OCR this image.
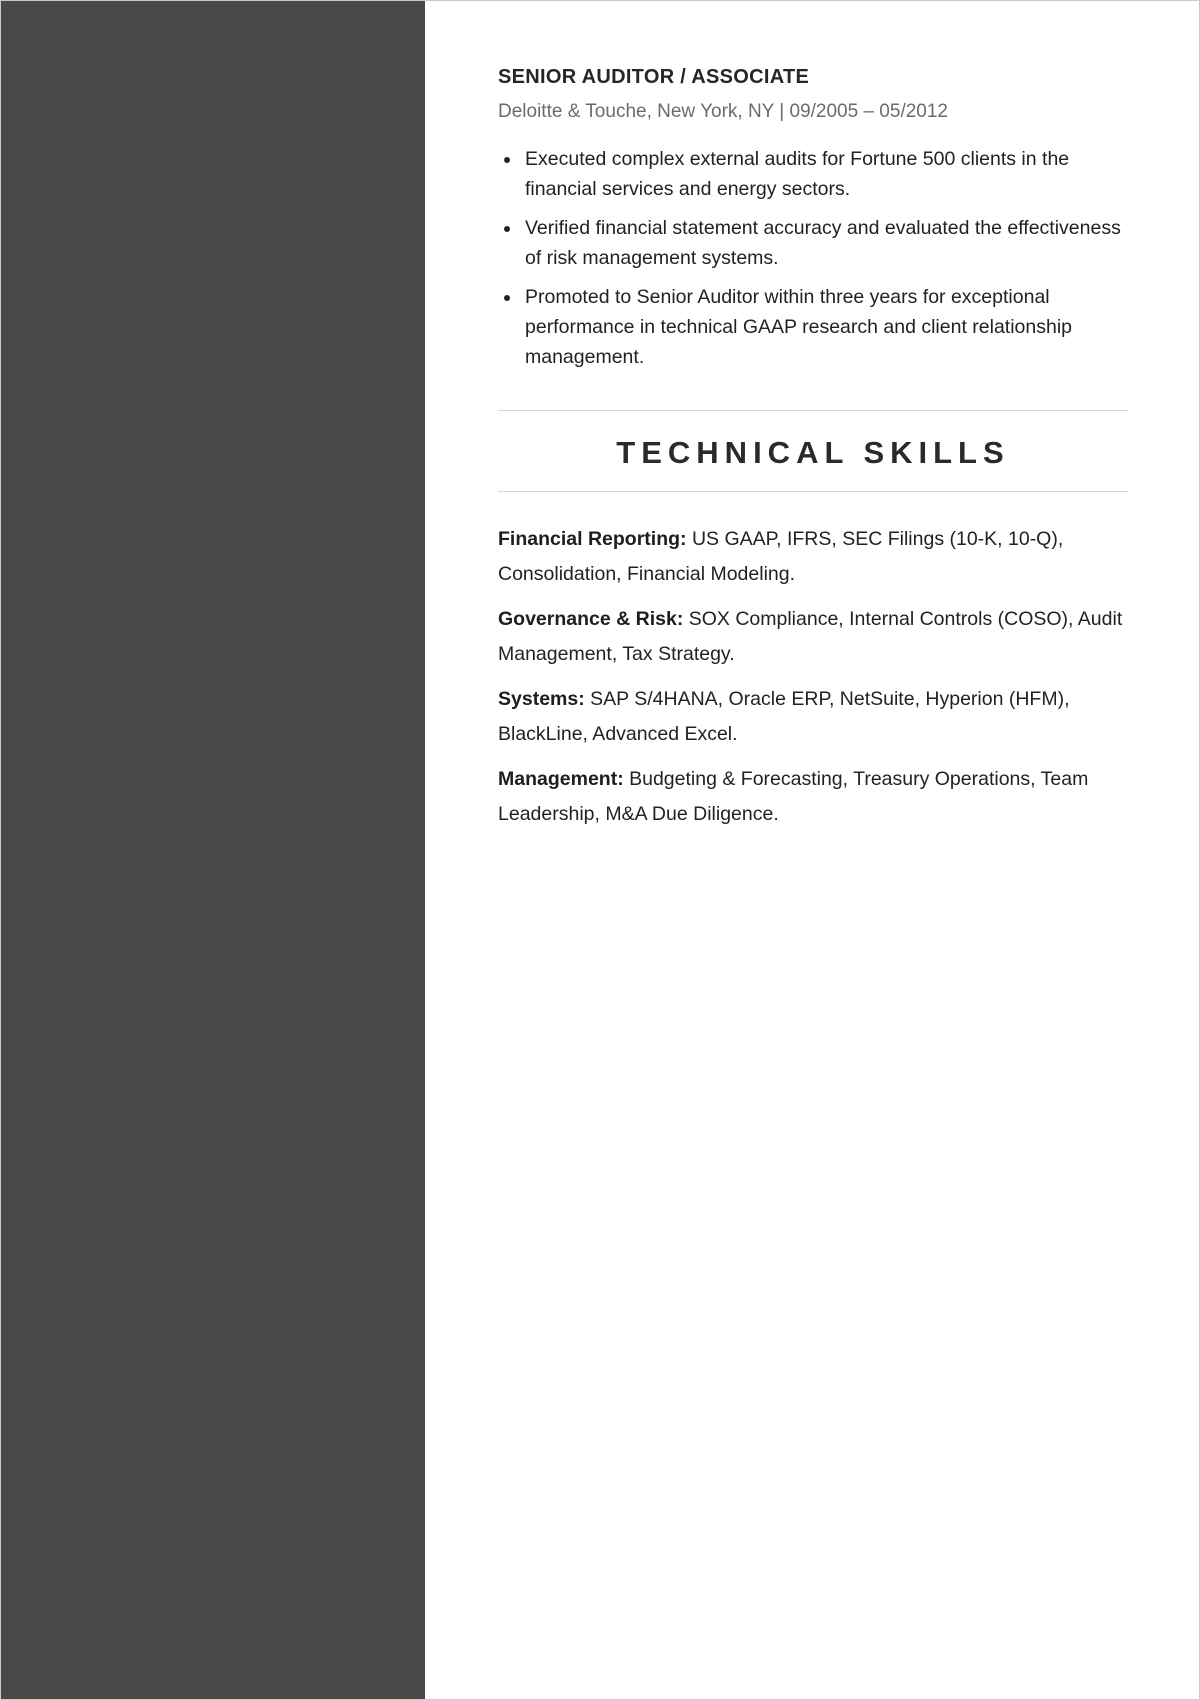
SENIOR AUDITOR / ASSOCIATE
Deloitte & Touche, New York, NY | 09/2005 – 05/2012
Executed complex external audits for Fortune 500 clients in the financial services and energy sectors.
Verified financial statement accuracy and evaluated the effectiveness of risk management systems.
Promoted to Senior Auditor within three years for exceptional performance in technical GAAP research and client relationship management.
TECHNICAL SKILLS
Financial Reporting: US GAAP, IFRS, SEC Filings (10-K, 10-Q), Consolidation, Financial Modeling.
Governance & Risk: SOX Compliance, Internal Controls (COSO), Audit Management, Tax Strategy.
Systems: SAP S/4HANA, Oracle ERP, NetSuite, Hyperion (HFM), BlackLine, Advanced Excel.
Management: Budgeting & Forecasting, Treasury Operations, Team Leadership, M&A Due Diligence.
